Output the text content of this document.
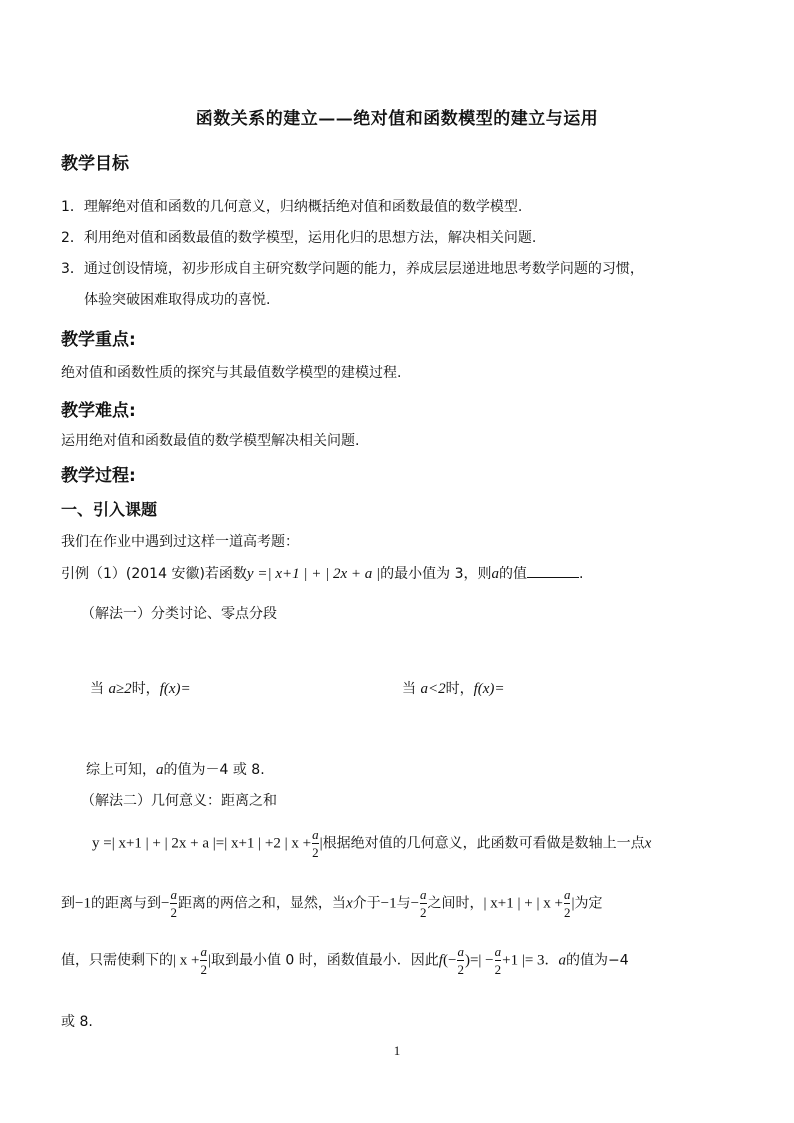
函数关系的建立——绝对值和函数模型的建立与运用
教学目标
1．理解绝对值和函数的几何意义，归纳概括绝对值和函数最值的数学模型.
2．利用绝对值和函数最值的数学模型，运用化归的思想方法，解决相关问题.
3．通过创设情境，初步形成自主研究数学问题的能力，养成层层递进地思考数学问题的习惯，
体验突破困难取得成功的喜悦.
教学重点:
绝对值和函数性质的探究与其最值数学模型的建模过程.
教学难点:
运用绝对值和函数最值的数学模型解决相关问题.
教学过程:
一、引入课题
我们在作业中遇到过这样一道高考题：
引例（1）(2014 安徽)若函数y =| x+1 | + | 2x + a |的最小值为 3，则a的值	.
（解法一）分类讨论、零点分段
当 a≥2时，f(x)=	当 a<2时，f(x)=
综上可知，a的值为－4 或 8.
（解法二）几何意义：距离之和
y =| x+1 | + | 2x + a |=| x+1 | +2 | $x + \frac{a}{2}$ |根据绝对值的几何意义，此函数可看做是数轴上一点x
到−1的距离与到− $\frac{a}{2}$ 距离的两倍之和，显然，当x介于−1与− $\frac{a}{2}$ 之间时，| x+1 | + | $x + \frac{a}{2}$ |为定
值，只需使剩下的| $x + \frac{a}{2}$ |取到最小值 0 时，函数值最小．因此$f(- \frac{a}{2}$ )=| − $\frac{a}{2} +1$ |= 3．a的值为−4
或 8.
1
